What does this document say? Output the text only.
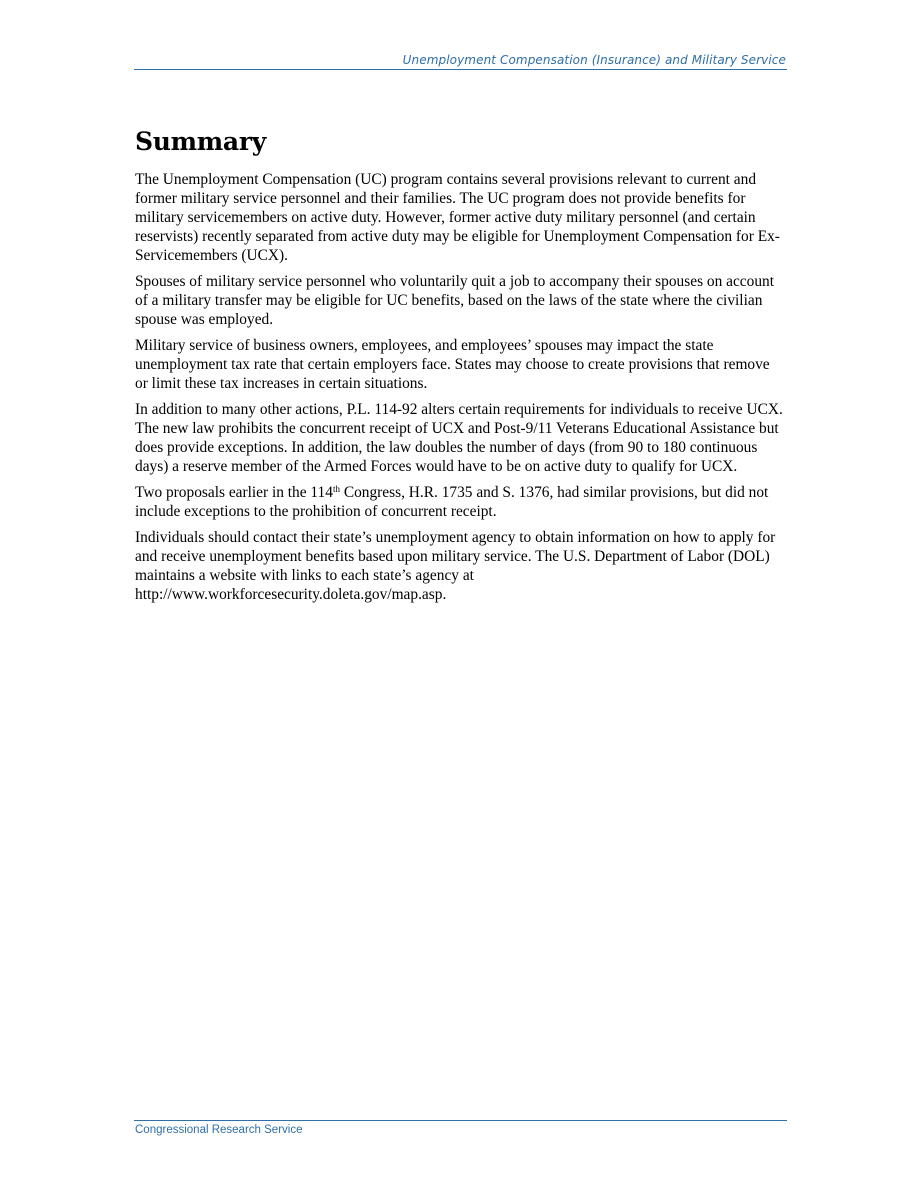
Unemployment Compensation (Insurance) and Military Service
Summary

The Unemployment Compensation (UC) program contains several provisions relevant to current and former military service personnel and their families. The UC program does not provide benefits for military servicemembers on active duty. However, former active duty military personnel (and certain reservists) recently separated from active duty may be eligible for Unemployment Compensation for Ex-Servicemembers (UCX).

Spouses of military service personnel who voluntarily quit a job to accompany their spouses on account of a military transfer may be eligible for UC benefits, based on the laws of the state where the civilian spouse was employed.

Military service of business owners, employees, and employees’ spouses may impact the state unemployment tax rate that certain employers face. States may choose to create provisions that remove or limit these tax increases in certain situations.

In addition to many other actions, P.L. 114-92 alters certain requirements for individuals to receive UCX. The new law prohibits the concurrent receipt of UCX and Post-9/11 Veterans Educational Assistance but does provide exceptions. In addition, the law doubles the number of days (from 90 to 180 continuous days) a reserve member of the Armed Forces would have to be on active duty to qualify for UCX.

Two proposals earlier in the 114th Congress, H.R. 1735 and S. 1376, had similar provisions, but did not include exceptions to the prohibition of concurrent receipt.

Individuals should contact their state’s unemployment agency to obtain information on how to apply for and receive unemployment benefits based upon military service. The U.S. Department of Labor (DOL) maintains a website with links to each state’s agency at http://www.workforcesecurity.doleta.gov/map.asp.

Congressional Research Service
